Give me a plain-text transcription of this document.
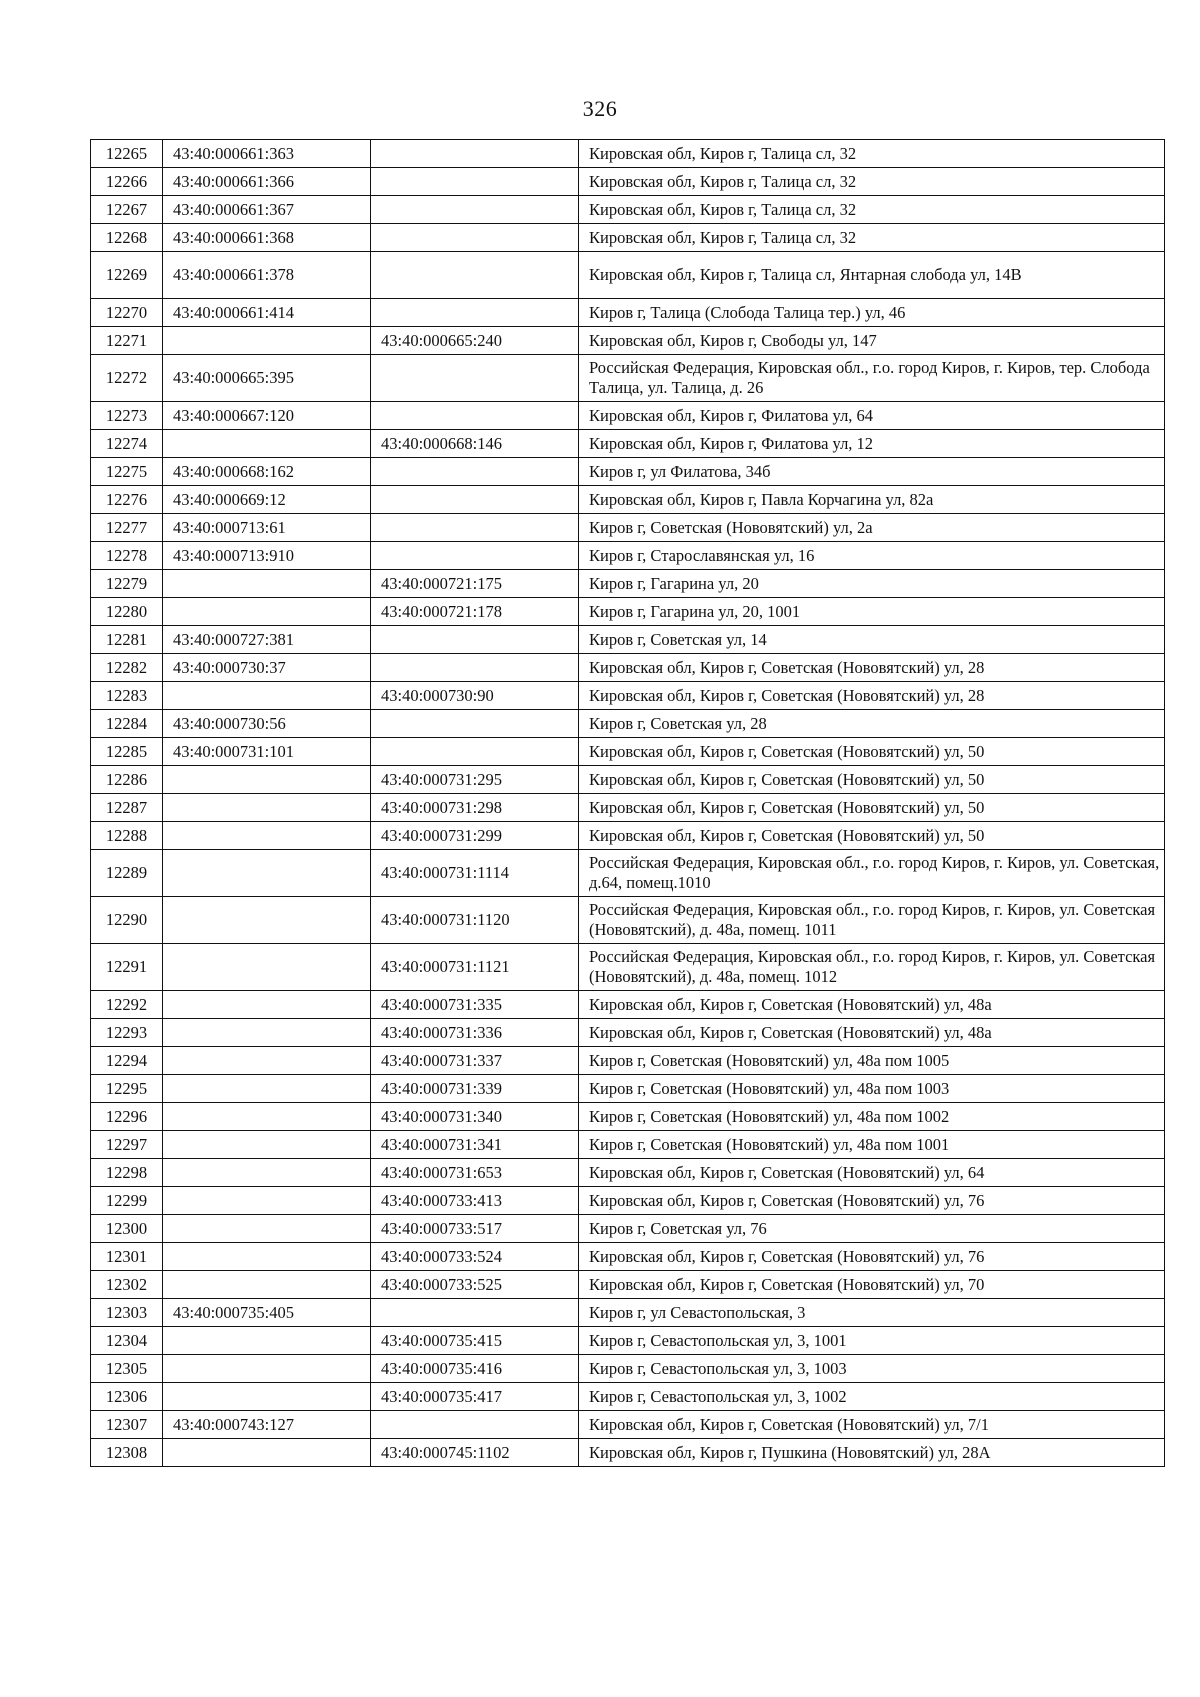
326
12265	43:40:000661:363		Кировская обл, Киров г, Талица сл, 32
12266	43:40:000661:366		Кировская обл, Киров г, Талица сл, 32
12267	43:40:000661:367		Кировская обл, Киров г, Талица сл, 32
12268	43:40:000661:368		Кировская обл, Киров г, Талица сл, 32
12269	43:40:000661:378		Кировская обл, Киров г, Талица сл, Янтарная слобода ул, 14В
12270	43:40:000661:414		Киров г, Талица (Слобода Талица тер.) ул, 46
12271		43:40:000665:240	Кировская обл, Киров г, Свободы ул, 147
12272	43:40:000665:395		Российская Федерация, Кировская обл., г.о. город Киров, г. Киров, тер. Слобода Талица, ул. Талица, д. 26
12273	43:40:000667:120		Кировская обл, Киров г, Филатова ул, 64
12274		43:40:000668:146	Кировская обл, Киров г, Филатова ул, 12
12275	43:40:000668:162		Киров г, ул Филатова, 34б
12276	43:40:000669:12		Кировская обл, Киров г, Павла Корчагина ул, 82а
12277	43:40:000713:61		Киров г, Советская (Нововятский) ул, 2а
12278	43:40:000713:910		Киров г, Старославянская ул, 16
12279		43:40:000721:175	Киров г, Гагарина ул, 20
12280		43:40:000721:178	Киров г, Гагарина ул, 20, 1001
12281	43:40:000727:381		Киров г, Советская ул, 14
12282	43:40:000730:37		Кировская обл, Киров г, Советская (Нововятский) ул, 28
12283		43:40:000730:90	Кировская обл, Киров г, Советская (Нововятский) ул, 28
12284	43:40:000730:56		Киров г, Советская ул, 28
12285	43:40:000731:101		Кировская обл, Киров г, Советская (Нововятский) ул, 50
12286		43:40:000731:295	Кировская обл, Киров г, Советская (Нововятский) ул, 50
12287		43:40:000731:298	Кировская обл, Киров г, Советская (Нововятский) ул, 50
12288		43:40:000731:299	Кировская обл, Киров г, Советская (Нововятский) ул, 50
12289		43:40:000731:1114	Российская Федерация, Кировская обл., г.о. город Киров, г. Киров, ул. Советская, д.64, помещ.1010
12290		43:40:000731:1120	Российская Федерация, Кировская обл., г.о. город Киров, г. Киров, ул. Советская (Нововятский), д. 48а, помещ. 1011
12291		43:40:000731:1121	Российская Федерация, Кировская обл., г.о. город Киров, г. Киров, ул. Советская (Нововятский), д. 48а, помещ. 1012
12292		43:40:000731:335	Кировская обл, Киров г, Советская (Нововятский) ул, 48а
12293		43:40:000731:336	Кировская обл, Киров г, Советская (Нововятский) ул, 48а
12294		43:40:000731:337	Киров г, Советская (Нововятский) ул, 48а пом 1005
12295		43:40:000731:339	Киров г, Советская (Нововятский) ул, 48а пом 1003
12296		43:40:000731:340	Киров г, Советская (Нововятский) ул, 48а пом 1002
12297		43:40:000731:341	Киров г, Советская (Нововятский) ул, 48а пом 1001
12298		43:40:000731:653	Кировская обл, Киров г, Советская (Нововятский) ул, 64
12299		43:40:000733:413	Кировская обл, Киров г, Советская (Нововятский) ул, 76
12300		43:40:000733:517	Киров г, Советская ул, 76
12301		43:40:000733:524	Кировская обл, Киров г, Советская (Нововятский) ул, 76
12302		43:40:000733:525	Кировская обл, Киров г, Советская (Нововятский) ул, 70
12303	43:40:000735:405		Киров г, ул Севастопольская, 3
12304		43:40:000735:415	Киров г, Севастопольская ул, 3, 1001
12305		43:40:000735:416	Киров г, Севастопольская ул, 3, 1003
12306		43:40:000735:417	Киров г, Севастопольская ул, 3, 1002
12307	43:40:000743:127		Кировская обл, Киров г, Советская (Нововятский) ул, 7/1
12308		43:40:000745:1102	Кировская обл, Киров г, Пушкина (Нововятский) ул, 28А
